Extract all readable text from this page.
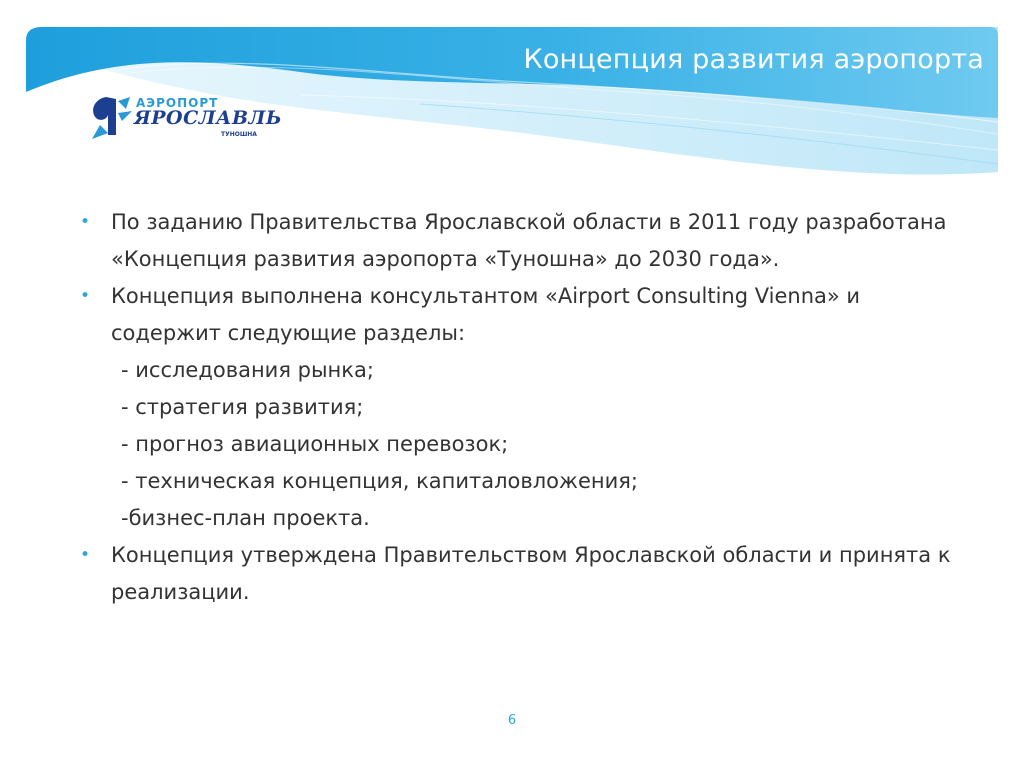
Концепция развития аэропорта
АЭРОПОРТ
ЯРОСЛАВЛЬ
ТУНОШНА
• По заданию Правительства Ярославской области в 2011 году разработана «Концепция развития аэропорта «Туношна» до 2030 года».
• Концепция выполнена консультантом «Airport Consulting Vienna» и содержит следующие разделы:
- исследования рынка;
- стратегия развития;
- прогноз авиационных перевозок;
- техническая концепция, капиталовложения;
-бизнес-план проекта.
• Концепция утверждена Правительством Ярославской области и принята к реализации.
6
